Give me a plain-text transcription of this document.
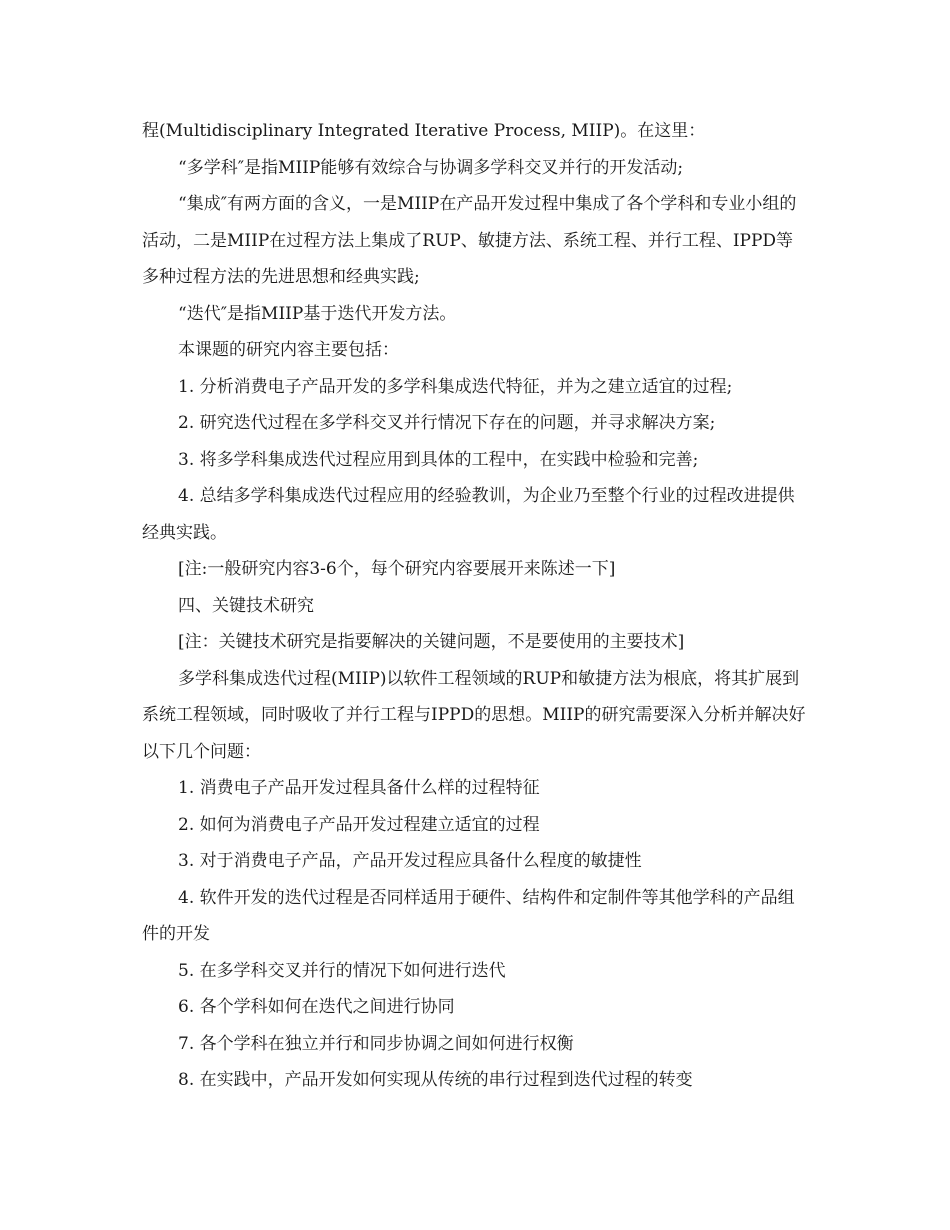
程(Multidisciplinary Integrated Iterative Process, MIIP)。在这里：

“多学科″是指MIIP能够有效综合与协调多学科交叉并行的开发活动;

“集成″有两方面的含义，一是MIIP在产品开发过程中集成了各个学科和专业小组的活动，二是MIIP在过程方法上集成了RUP、敏捷方法、系统工程、并行工程、IPPD等多种过程方法的先进思想和经典实践;

“迭代″是指MIIP基于迭代开发方法。

本课题的研究内容主要包括：

1. 分析消费电子产品开发的多学科集成迭代特征，并为之建立适宜的过程;

2. 研究迭代过程在多学科交叉并行情况下存在的问题，并寻求解决方案;

3. 将多学科集成迭代过程应用到具体的工程中，在实践中检验和完善;

4. 总结多学科集成迭代过程应用的经验教训，为企业乃至整个行业的过程改进提供经典实践。

[注:一般研究内容3-6个，每个研究内容要展开来陈述一下]

四、关键技术研究

[注：关键技术研究是指要解决的关键问题，不是要使用的主要技术]

多学科集成迭代过程(MIIP)以软件工程领域的RUP和敏捷方法为根底，将其扩展到系统工程领域，同时吸收了并行工程与IPPD的思想。MIIP的研究需要深入分析并解决好以下几个问题：

1. 消费电子产品开发过程具备什么样的过程特征

2. 如何为消费电子产品开发过程建立适宜的过程

3. 对于消费电子产品，产品开发过程应具备什么程度的敏捷性

4. 软件开发的迭代过程是否同样适用于硬件、结构件和定制件等其他学科的产品组件的开发

5. 在多学科交叉并行的情况下如何进行迭代

6. 各个学科如何在迭代之间进行协同

7. 各个学科在独立并行和同步协调之间如何进行权衡

8. 在实践中，产品开发如何实现从传统的串行过程到迭代过程的转变
